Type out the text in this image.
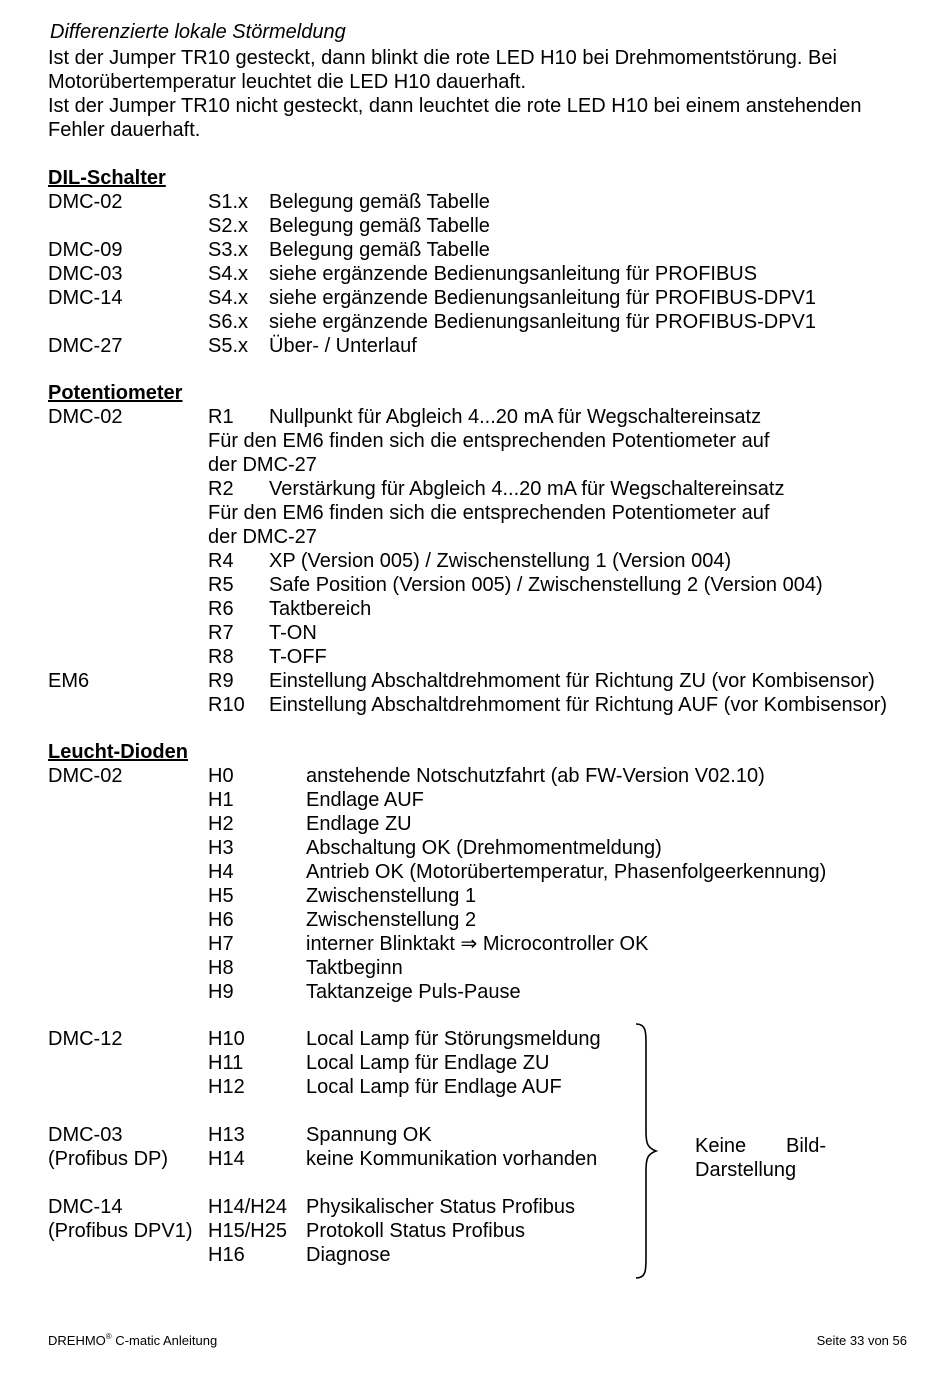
Differenzierte lokale Störmeldung
Ist der Jumper TR10 gesteckt, dann blinkt die rote LED H10 bei Drehmomentstörung. Bei
Motorübertemperatur leuchtet die LED H10 dauerhaft.
Ist der Jumper TR10 nicht gesteckt, dann leuchtet die rote LED H10 bei einem anstehenden
Fehler dauerhaft.
DIL-Schalter
DMC-02	S1.x Belegung gemäß Tabelle
S2.x Belegung gemäß Tabelle
DMC-09	S3.x Belegung gemäß Tabelle
DMC-03	S4.x siehe ergänzende Bedienungsanleitung für PROFIBUS
DMC-14	S4.x siehe ergänzende Bedienungsanleitung für PROFIBUS-DPV1
S6.x siehe ergänzende Bedienungsanleitung für PROFIBUS-DPV1
DMC-27	S5.x Über- / Unterlauf
Potentiometer
DMC-02	R1 Nullpunkt für Abgleich 4...20 mA für Wegschaltereinsatz
Für den EM6 finden sich die entsprechenden Potentiometer auf
der DMC-27
R2 Verstärkung für Abgleich 4...20 mA für Wegschaltereinsatz
Für den EM6 finden sich die entsprechenden Potentiometer auf
der DMC-27
R4 XP (Version 005) / Zwischenstellung 1 (Version 004)
R5 Safe Position (Version 005) / Zwischenstellung 2 (Version 004)
R6 Taktbereich
R7 T-ON
R8 T-OFF
EM6	R9 Einstellung Abschaltdrehmoment für Richtung ZU (vor Kombisensor)
R10 Einstellung Abschaltdrehmoment für Richtung AUF (vor Kombisensor)
Leucht-Dioden
DMC-02	H0	anstehende Notschutzfahrt (ab FW-Version V02.10)
H1	Endlage AUF
H2	Endlage ZU
H3	Abschaltung OK (Drehmomentmeldung)
H4	Antrieb OK (Motorübertemperatur, Phasenfolgeerkennung)
H5	Zwischenstellung 1
H6	Zwischenstellung 2
H7	interner Blinktakt ⇒ Microcontroller OK
H8	Taktbeginn
H9	Taktanzeige Puls-Pause
DMC-12	H10	Local Lamp für Störungsmeldung
H11	Local Lamp für Endlage ZU
H12	Local Lamp für Endlage AUF
DMC-03	H13	Spannung OK
(Profibus DP) H14	keine Kommunikation vorhanden
DMC-14	H14/H24 Physikalischer Status Profibus
(Profibus DPV1) H15/H25 Protokoll Status Profibus
H16	Diagnose
Keine Bild-
Darstellung
DREHMO® C-matic Anleitung	Seite 33 von 56
